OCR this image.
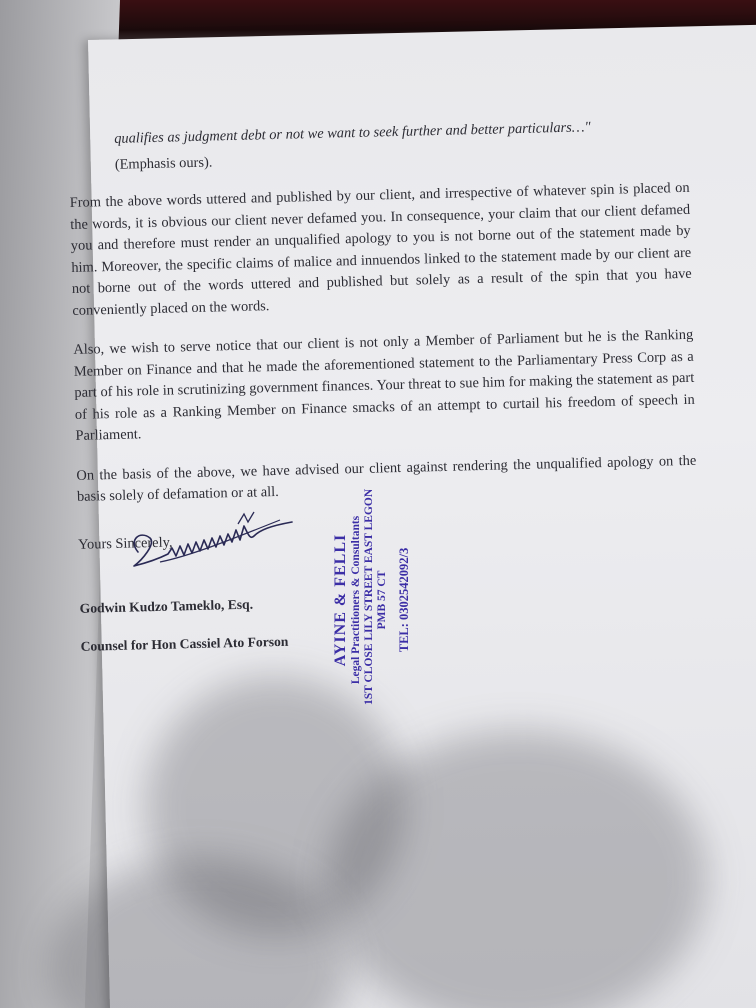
qualifies as judgment debt or not we want to seek further and better particulars…"
(Emphasis ours).

From the above words uttered and published by our client, and irrespective of whatever spin is placed on the words, it is obvious our client never defamed you. In consequence, your claim that our client defamed you and therefore must render an unqualified apology to you is not borne out of the statement made by him. Moreover, the specific claims of malice and innuendos linked to the statement made by our client are not borne out of the words uttered and published but solely as a result of the spin that you have conveniently placed on the words.

Also, we wish to serve notice that our client is not only a Member of Parliament but he is the Ranking Member on Finance and that he made the aforementioned statement to the Parliamentary Press Corp as a part of his role in scrutinizing government finances. Your threat to sue him for making the statement as part of his role as a Ranking Member on Finance smacks of an attempt to curtail his freedom of speech in Parliament.

On the basis of the above, we have advised our client against rendering the unqualified apology on the basis solely of defamation or at all.

Yours Sincerely,
Godwin Kudzo Tameklo, Esq.
Counsel for Hon Cassiel Ato Forson	AYINE & FELLI Legal Practitioners & Consultants 1ST CLOSE LILY STREET EAST LEGON PMB 57 CT TEL: 0302542092/3
